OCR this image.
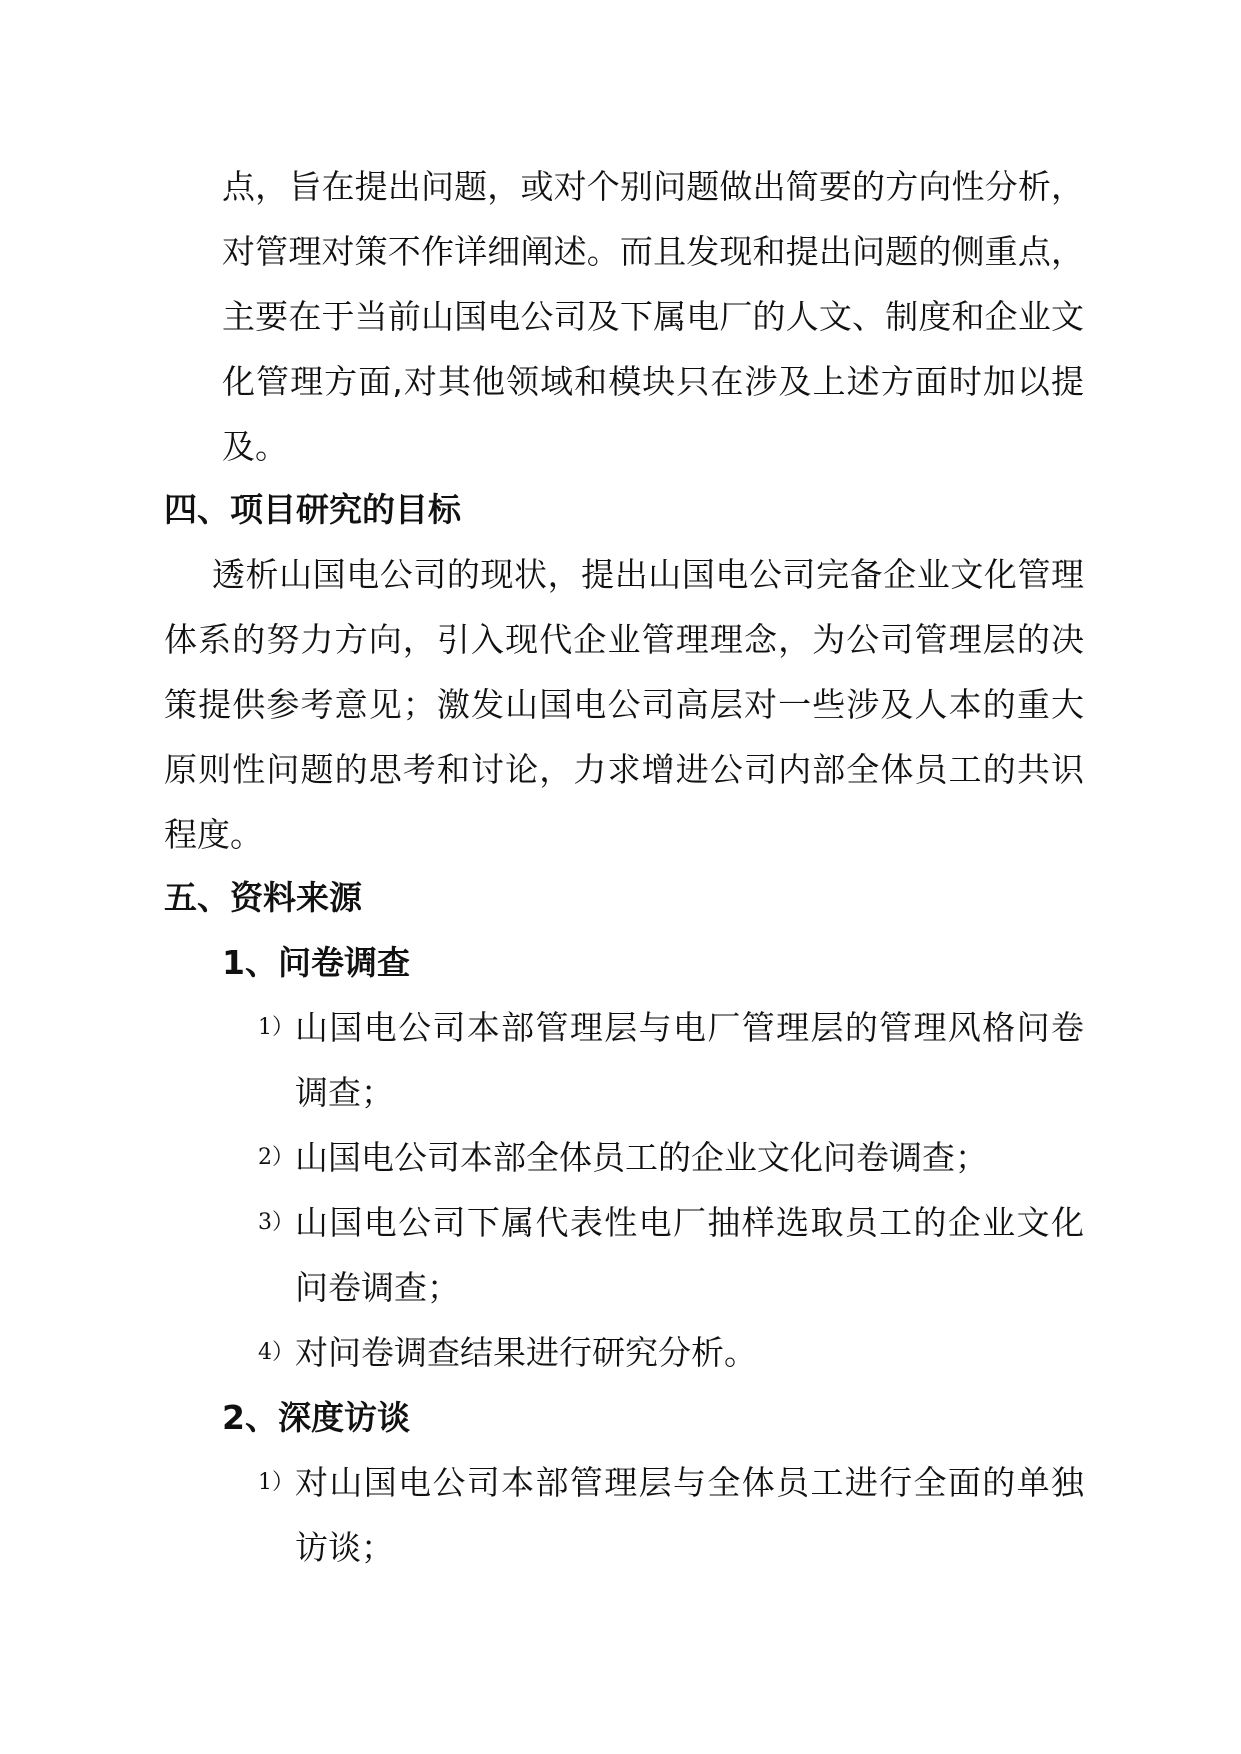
点，旨在提出问题，或对个别问题做出简要的方向性分析，
对管理对策不作详细阐述。而且发现和提出问题的侧重点，
主要在于当前山国电公司及下属电厂的人文、制度和企业文
化管理方面,对其他领域和模块只在涉及上述方面时加以提
及。
四、项目研究的目标
透析山国电公司的现状，提出山国电公司完备企业文化管理
体系的努力方向，引入现代企业管理理念，为公司管理层的决
策提供参考意见；激发山国电公司高层对一些涉及人本的重大
原则性问题的思考和讨论，力求增进公司内部全体员工的共识
程度。
五、资料来源
1、问卷调查
1） 山国电公司本部管理层与电厂管理层的管理风格问卷
调查；
2） 山国电公司本部全体员工的企业文化问卷调查；
3） 山国电公司下属代表性电厂抽样选取员工的企业文化
问卷调查；
4） 对问卷调查结果进行研究分析。
2、深度访谈
1） 对山国电公司本部管理层与全体员工进行全面的单独
访谈；
